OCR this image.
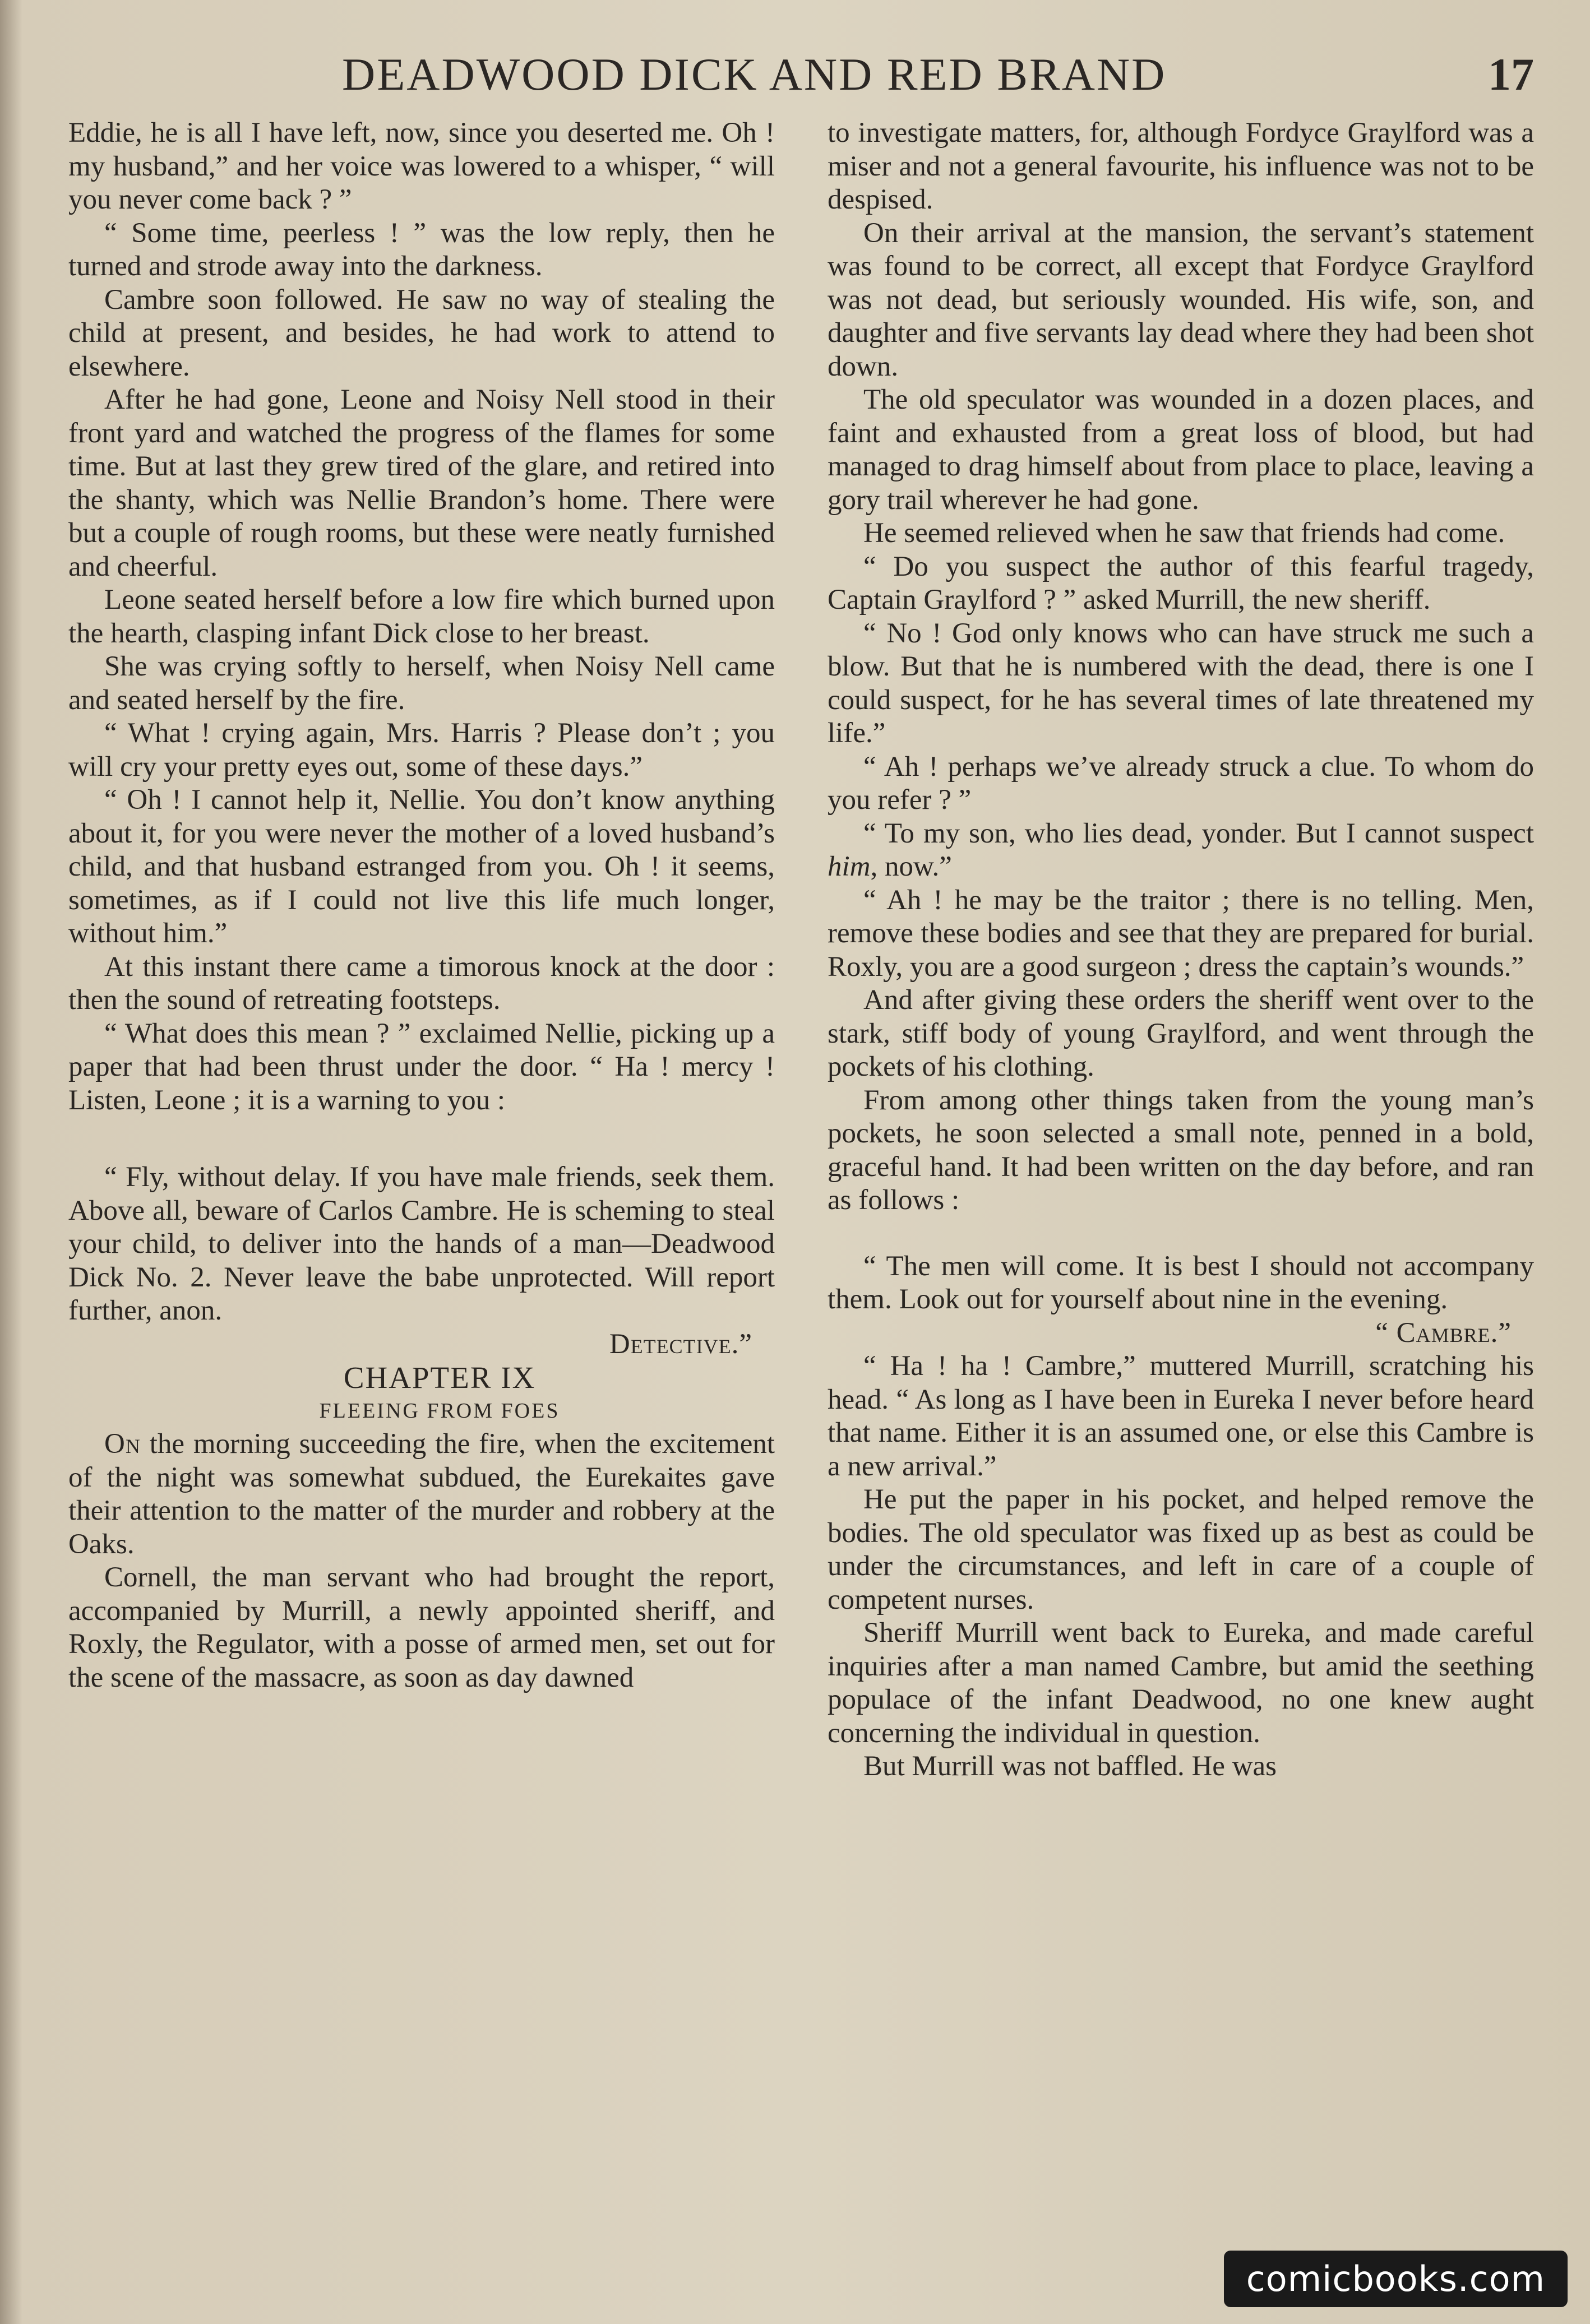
DEADWOOD DICK AND RED BRAND	17

Eddie, he is all I have left, now, since you deserted me. Oh ! my husband,” and her voice was lowered to a whisper, “ will you never come back ? ”

“ Some time, peerless ! ” was the low reply, then he turned and strode away into the darkness.

Cambre soon followed. He saw no way of stealing the child at present, and besides, he had work to attend to elsewhere.

After he had gone, Leone and Noisy Nell stood in their front yard and watched the progress of the flames for some time. But at last they grew tired of the glare, and retired into the shanty, which was Nellie Brandon’s home. There were but a couple of rough rooms, but these were neatly furnished and cheerful.

Leone seated herself before a low fire which burned upon the hearth, clasping infant Dick close to her breast.

She was crying softly to herself, when Noisy Nell came and seated herself by the fire.

“ What ! crying again, Mrs. Harris ? Please don’t ; you will cry your pretty eyes out, some of these days.”

“ Oh ! I cannot help it, Nellie. You don’t know anything about it, for you were never the mother of a loved husband’s child, and that husband estranged from you. Oh ! it seems, sometimes, as if I could not live this life much longer, without him.”

At this instant there came a timorous knock at the door : then the sound of retreating footsteps.

“ What does this mean ? ” exclaimed Nellie, picking up a paper that had been thrust under the door. “ Ha ! mercy ! Listen, Leone ; it is a warning to you :

“ Fly, without delay. If you have male friends, seek them. Above all, beware of Carlos Cambre. He is scheming to steal your child, to deliver into the hands of a man—Deadwood Dick No. 2. Never leave the babe unprotected. Will report further, anon.

Detective.”

CHAPTER IX

FLEEING FROM FOES

On the morning succeeding the fire, when the excitement of the night was somewhat subdued, the Eurekaites gave their attention to the matter of the murder and robbery at the Oaks.

Cornell, the man servant who had brought the report, accompanied by Murrill, a newly appointed sheriff, and Roxly, the Regulator, with a posse of armed men, set out for the scene of the massacre, as soon as day dawned

to investigate matters, for, although Fordyce Graylford was a miser and not a general favourite, his influence was not to be despised.

On their arrival at the mansion, the servant’s statement was found to be correct, all except that Fordyce Graylford was not dead, but seriously wounded. His wife, son, and daughter and five servants lay dead where they had been shot down.

The old speculator was wounded in a dozen places, and faint and exhausted from a great loss of blood, but had managed to drag himself about from place to place, leaving a gory trail wherever he had gone.

He seemed relieved when he saw that friends had come.

“ Do you suspect the author of this fearful tragedy, Captain Graylford ? ” asked Murrill, the new sheriff.

“ No ! God only knows who can have struck me such a blow. But that he is numbered with the dead, there is one I could suspect, for he has several times of late threatened my life.”

“ Ah ! perhaps we’ve already struck a clue. To whom do you refer ? ”

“ To my son, who lies dead, yonder. But I cannot suspect him, now.”

“ Ah ! he may be the traitor ; there is no telling. Men, remove these bodies and see that they are prepared for burial. Roxly, you are a good surgeon ; dress the captain’s wounds.”

And after giving these orders the sheriff went over to the stark, stiff body of young Graylford, and went through the pockets of his clothing.

From among other things taken from the young man’s pockets, he soon selected a small note, penned in a bold, graceful hand. It had been written on the day before, and ran as follows :

“ The men will come. It is best I should not accompany them. Look out for yourself about nine in the evening.

“ Cambre.”

“ Ha ! ha ! Cambre,” muttered Murrill, scratching his head. “ As long as I have been in Eureka I never before heard that name. Either it is an assumed one, or else this Cambre is a new arrival.”

He put the paper in his pocket, and helped remove the bodies. The old speculator was fixed up as best as could be under the circumstances, and left in care of a couple of competent nurses.

Sheriff Murrill went back to Eureka, and made careful inquiries after a man named Cambre, but amid the seething populace of the infant Deadwood, no one knew aught concerning the individual in question.

But Murrill was not baffled. He was

comicbooks.com
